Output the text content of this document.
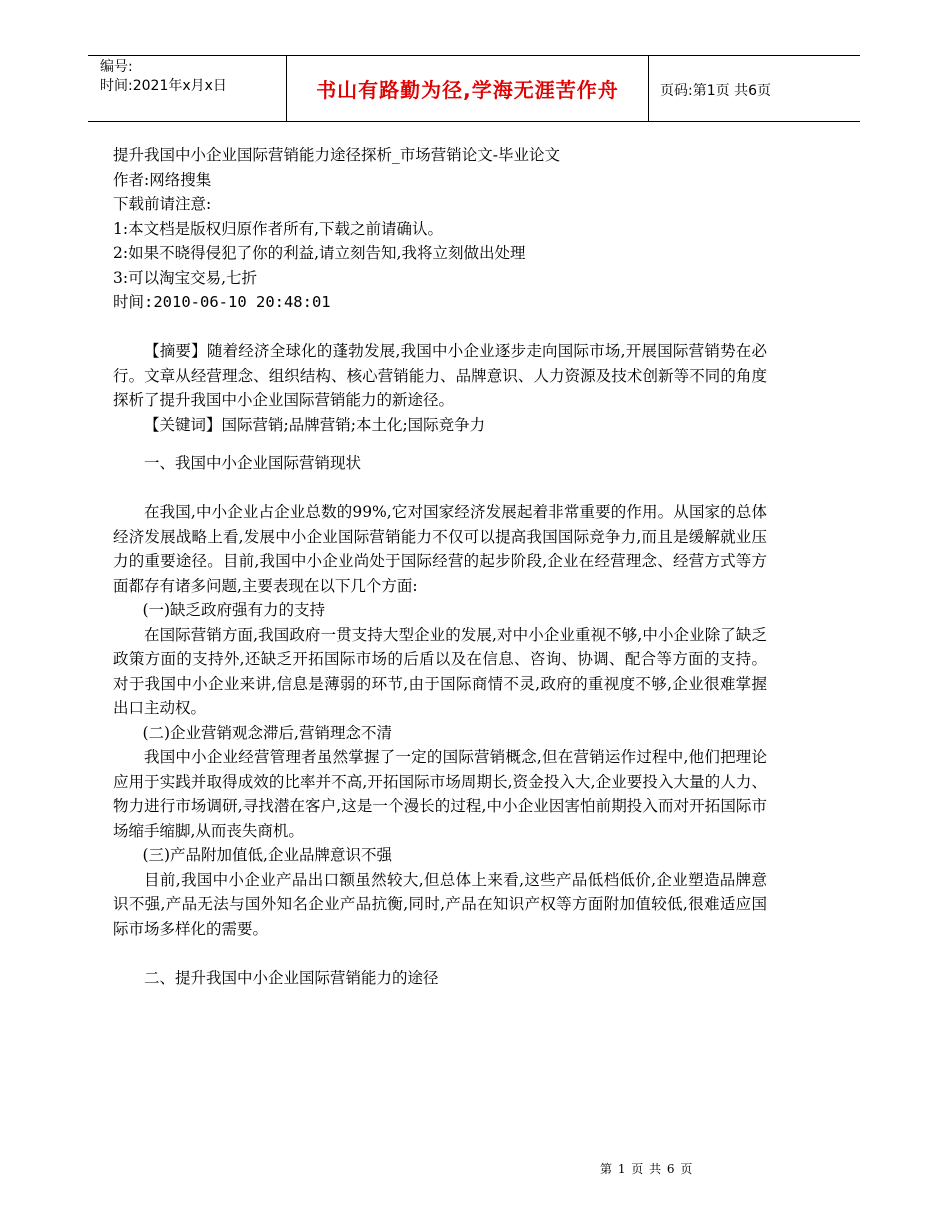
编号:
时间:2021年x月x日	书山有路勤为径,学海无涯苦作舟	页码:第1页 共6页

提升我国中小企业国际营销能力途径探析_市场营销论文-毕业论文

作者:网络搜集

下载前请注意:

1:本文档是版权归原作者所有,下载之前请确认。

2:如果不晓得侵犯了你的利益,请立刻告知,我将立刻做出处理

3:可以淘宝交易,七折

时间:2010-06-10 20:48:01

【摘要】随着经济全球化的蓬勃发展,我国中小企业逐步走向国际市场,开展国际营销势在必行。文章从经营理念、组织结构、核心营销能力、品牌意识、人力资源及技术创新等不同的角度探析了提升我国中小企业国际营销能力的新途径。

【关键词】国际营销;品牌营销;本土化;国际竞争力

一、我国中小企业国际营销现状

在我国,中小企业占企业总数的99%,它对国家经济发展起着非常重要的作用。从国家的总体经济发展战略上看,发展中小企业国际营销能力不仅可以提高我国国际竞争力,而且是缓解就业压力的重要途径。目前,我国中小企业尚处于国际经营的起步阶段,企业在经营理念、经营方式等方面都存有诸多问题,主要表现在以下几个方面:

(一)缺乏政府强有力的支持

在国际营销方面,我国政府一贯支持大型企业的发展,对中小企业重视不够,中小企业除了缺乏政策方面的支持外,还缺乏开拓国际市场的后盾以及在信息、咨询、协调、配合等方面的支持。对于我国中小企业来讲,信息是薄弱的环节,由于国际商情不灵,政府的重视度不够,企业很难掌握出口主动权。

(二)企业营销观念滞后,营销理念不清

我国中小企业经营管理者虽然掌握了一定的国际营销概念,但在营销运作过程中,他们把理论应用于实践并取得成效的比率并不高,开拓国际市场周期长,资金投入大,企业要投入大量的人力、物力进行市场调研,寻找潜在客户,这是一个漫长的过程,中小企业因害怕前期投入而对开拓国际市场缩手缩脚,从而丧失商机。

(三)产品附加值低,企业品牌意识不强

目前,我国中小企业产品出口额虽然较大,但总体上来看,这些产品低档低价,企业塑造品牌意识不强,产品无法与国外知名企业产品抗衡,同时,产品在知识产权等方面附加值较低,很难适应国际市场多样化的需要。

二、提升我国中小企业国际营销能力的途径

第 1 页 共 6 页
